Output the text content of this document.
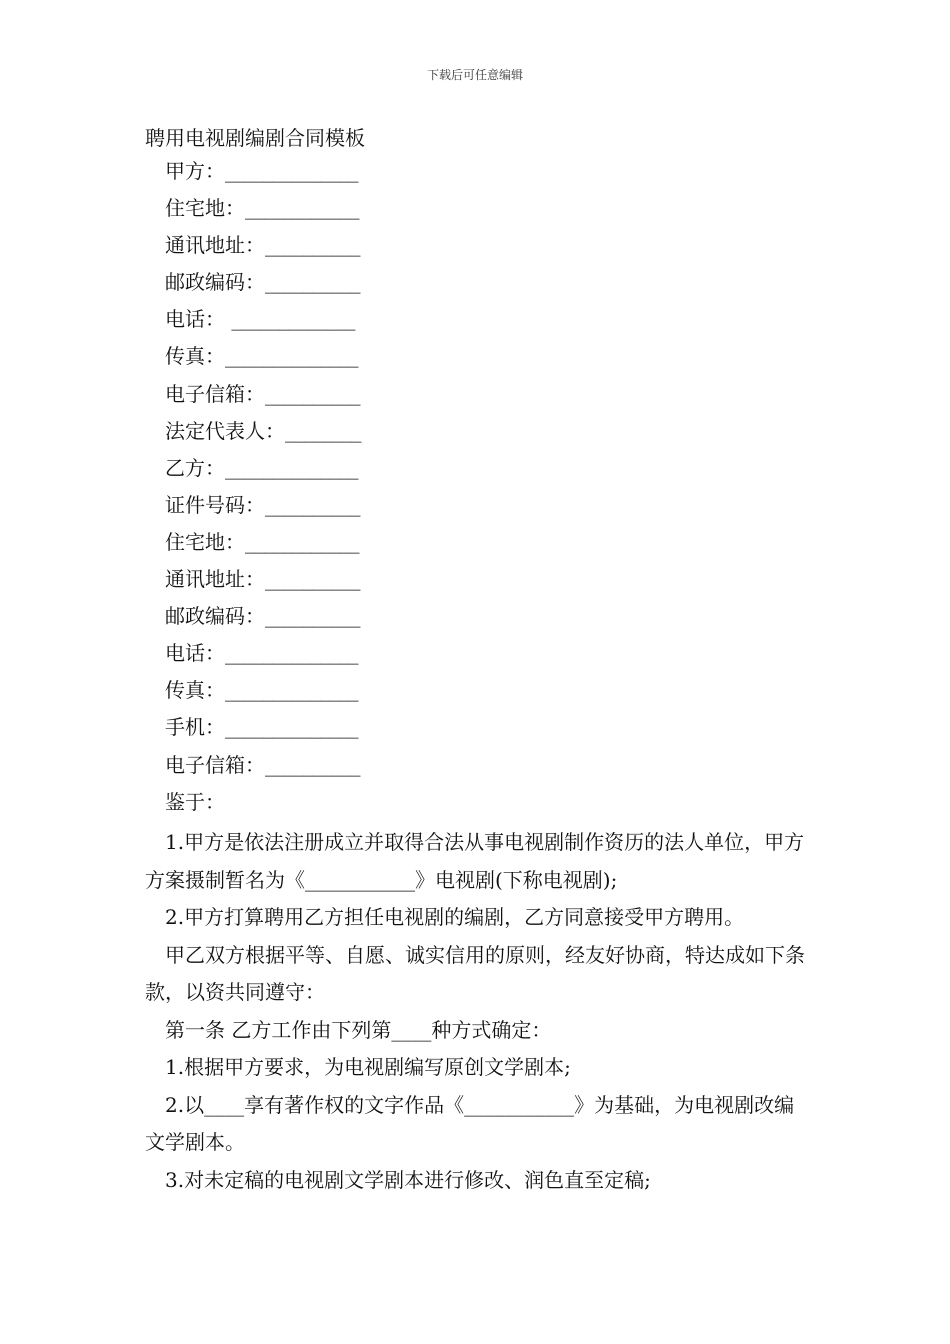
下载后可任意编辑
聘用电视剧编剧合同模板
甲方：______________
住宅地：____________
通讯地址：__________
邮政编码：__________
电话： _____________
传真：______________
电子信箱：__________
法定代表人：________
乙方：______________
证件号码：__________
住宅地：____________
通讯地址：__________
邮政编码：__________
电话：______________
传真：______________
手机：______________
电子信箱：__________
鉴于：

1.甲方是依法注册成立并取得合法从事电视剧制作资历的法人单位，甲方方案摄制暂名为《___________》电视剧(下称电视剧);

2.甲方打算聘用乙方担任电视剧的编剧，乙方同意接受甲方聘用。

甲乙双方根据平等、自愿、诚实信用的原则，经友好协商，特达成如下条款，以资共同遵守：

第一条 乙方工作由下列第____种方式确定：

1.根据甲方要求，为电视剧编写原创文学剧本;

2.以____享有著作权的文字作品《___________》为基础，为电视剧改编文学剧本。

3.对未定稿的电视剧文学剧本进行修改、润色直至定稿;
